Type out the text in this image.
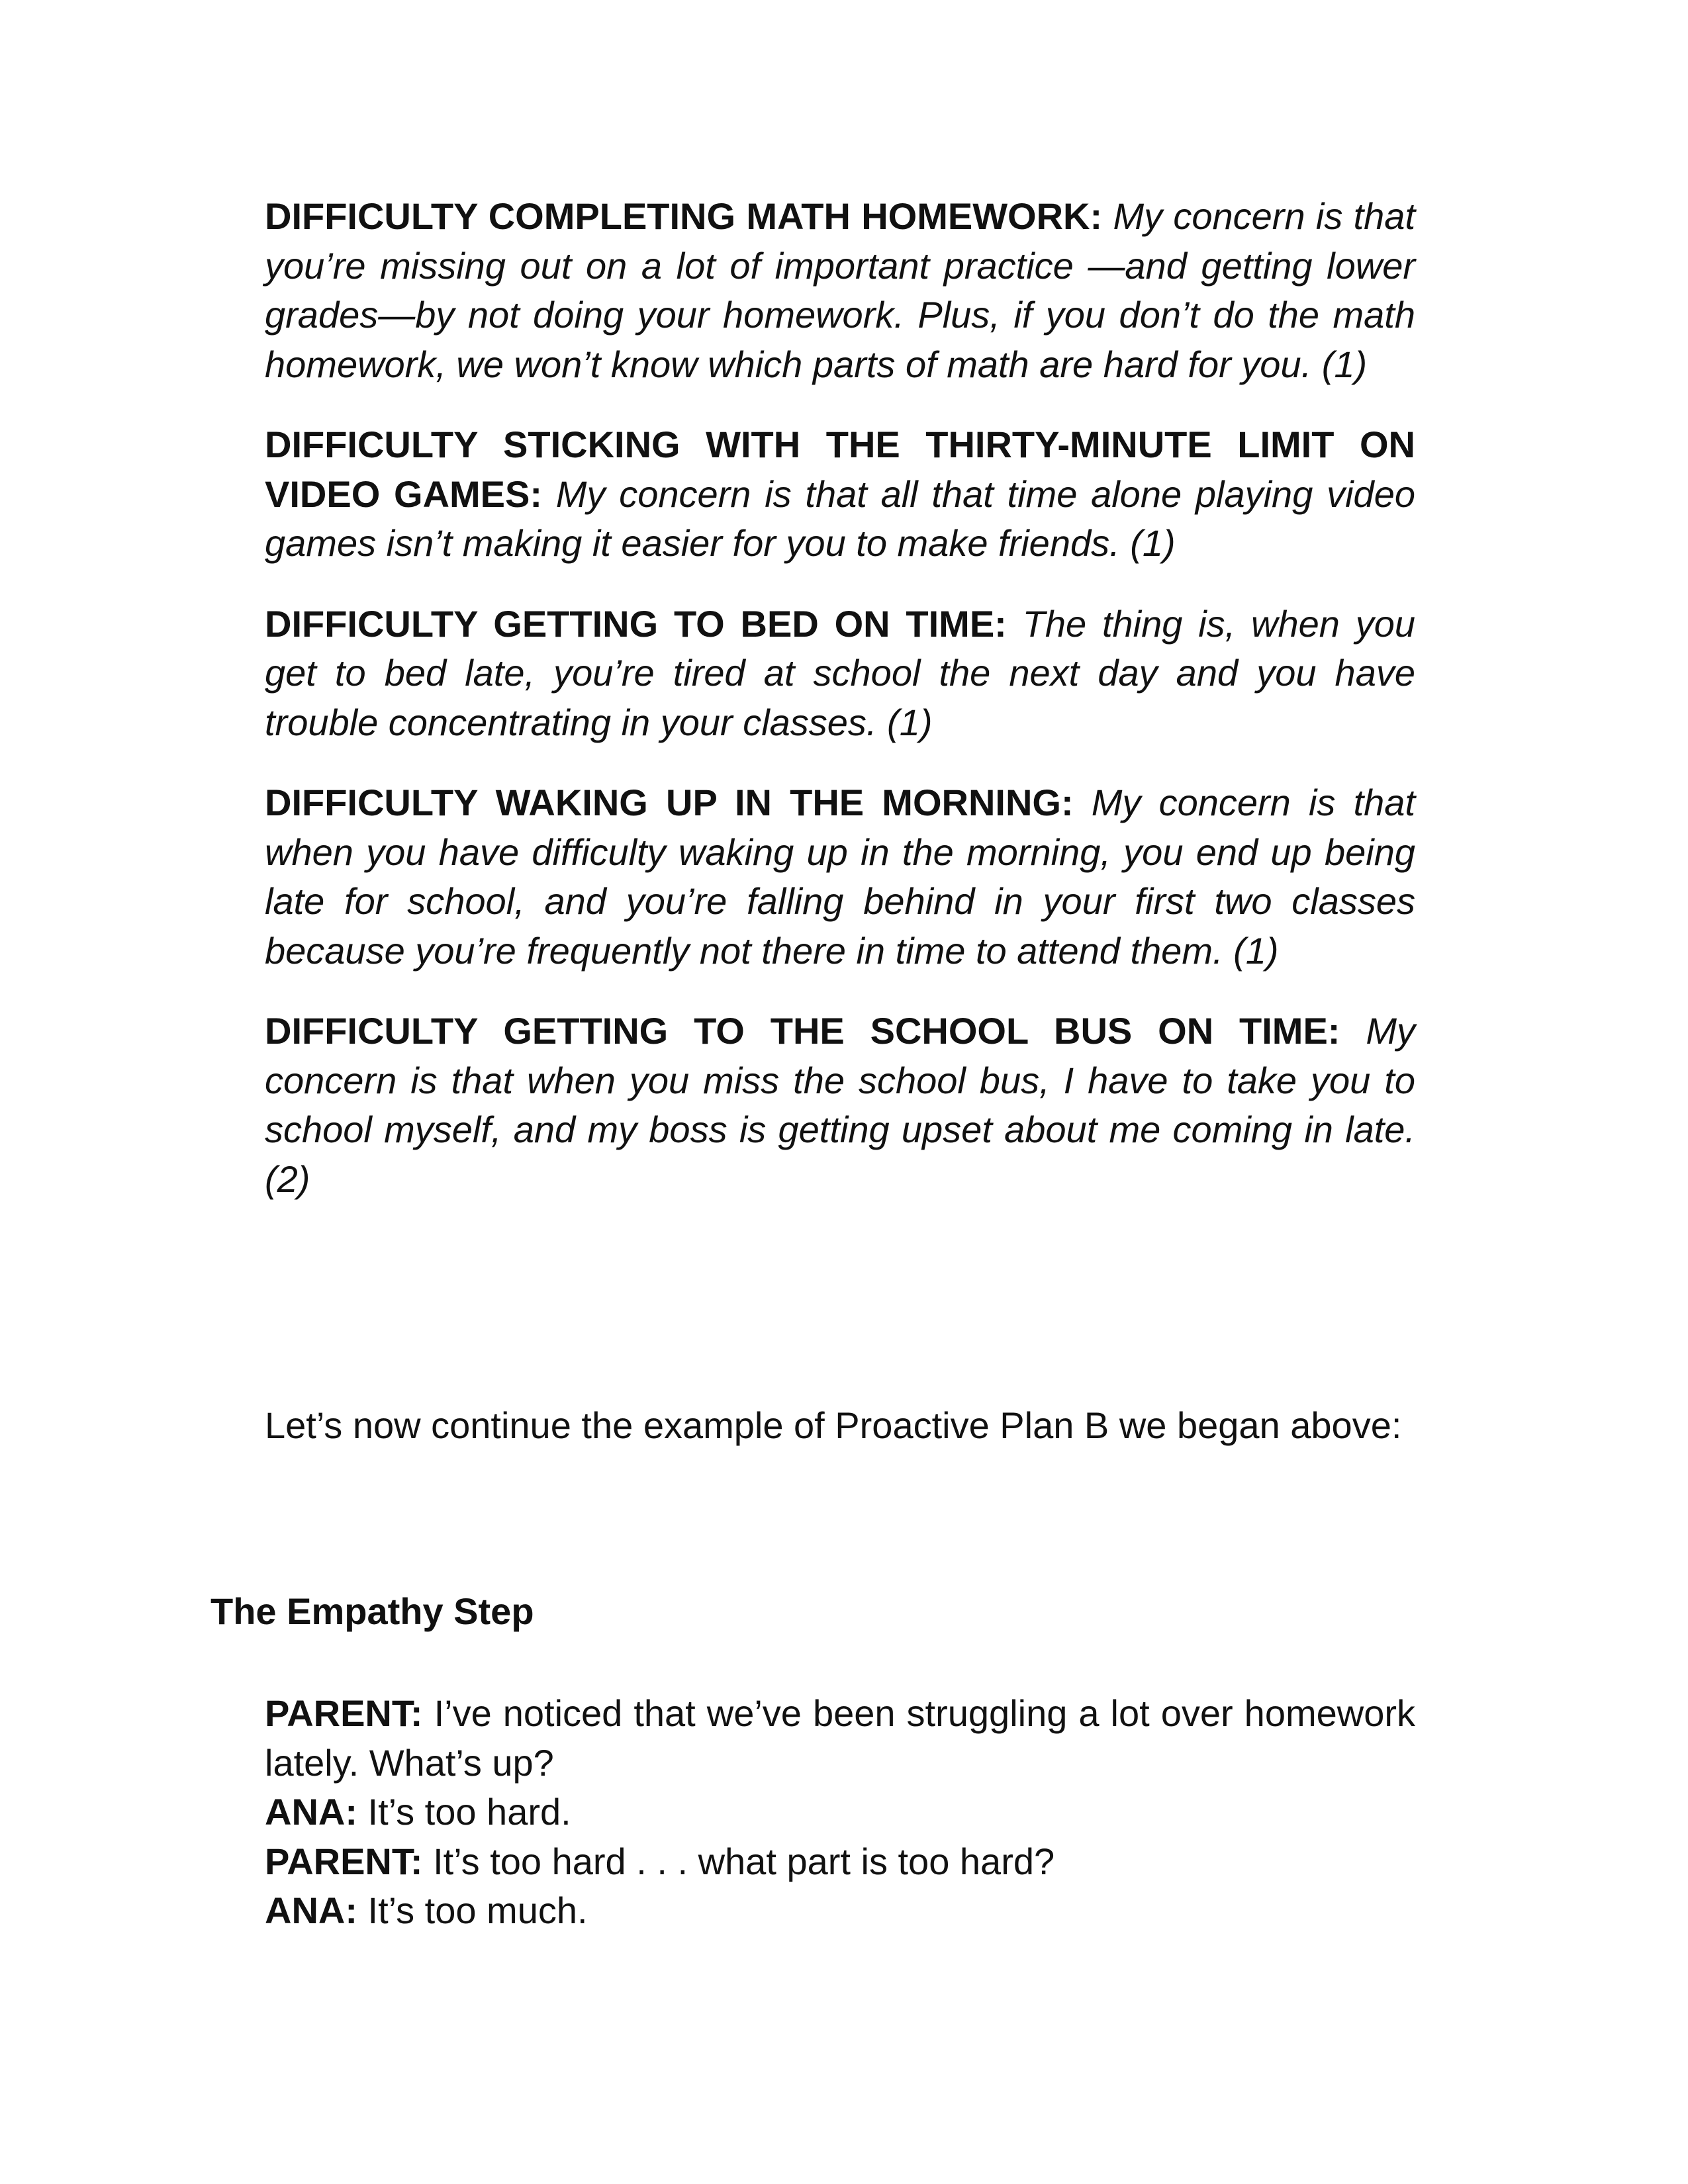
DIFFICULTY COMPLETING MATH HOMEWORK: My concern is that you’re missing out on a lot of important practice —and getting lower grades—by not doing your homework. Plus, if you don’t do the math homework, we won’t know which parts of math are hard for you. (1)

DIFFICULTY STICKING WITH THE THIRTY-MINUTE LIMIT ON VIDEO GAMES: My concern is that all that time alone playing video games isn’t making it easier for you to make friends. (1)

DIFFICULTY GETTING TO BED ON TIME: The thing is, when you get to bed late, you’re tired at school the next day and you have trouble concentrating in your classes. (1)

DIFFICULTY WAKING UP IN THE MORNING: My concern is that when you have difficulty waking up in the morning, you end up being late for school, and you’re falling behind in your first two classes because you’re frequently not there in time to attend them. (1)

DIFFICULTY GETTING TO THE SCHOOL BUS ON TIME: My concern is that when you miss the school bus, I have to take you to school myself, and my boss is getting upset about me coming in late. (2)

Let’s now continue the example of Proactive Plan B we began above:

The Empathy Step

PARENT: I’ve noticed that we’ve been struggling a lot over homework lately. What’s up?

ANA: It’s too hard.

PARENT: It’s too hard . . . what part is too hard?

ANA: It’s too much.
